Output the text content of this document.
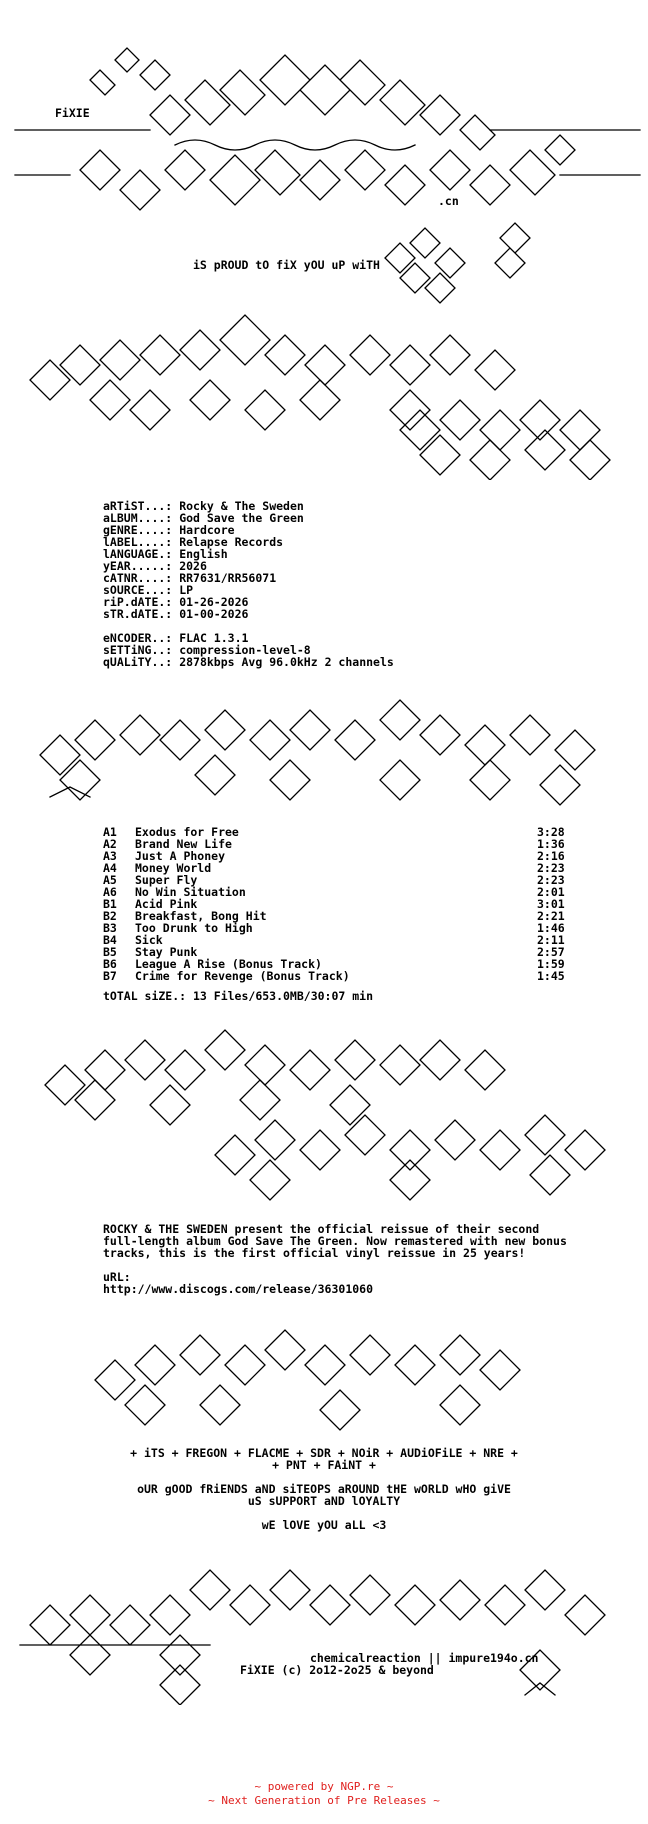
FiXIE
.cn
iS pROUD tO fiX yOU uP wiTH
aRTiST...: Rocky & The Sweden
aLBUM....: God Save the Green
gENRE....: Hardcore
lABEL....: Relapse Records
lANGUAGE.: English
yEAR.....: 2026
cATNR....: RR7631/RR56071
sOURCE...: LP
riP.dATE.: 01-26-2026
sTR.dATE.: 01-00-2026
eNCODER..: FLAC 1.3.1
sETTiNG..: compression-level-8
qUALiTY..: 2878kbps Avg 96.0kHz 2 channels
A1	Exodus for Free	3:28
A2	Brand New Life	1:36
A3	Just A Phoney	2:16
A4	Money World	2:23
A5	Super Fly	2:23
A6	No Win Situation	2:01
B1	Acid Pink	3:01
B2	Breakfast, Bong Hit	2:21
B3	Too Drunk to High	1:46
B4	Sick	2:11
B5	Stay Punk	2:57
B6	League A Rise (Bonus Track)	1:59
B7	Crime for Revenge (Bonus Track)	1:45
tOTAL siZE.: 13 Files/653.0MB/30:07 min
ROCKY & THE SWEDEN present the official reissue of their second
full-length album God Save The Green. Now remastered with new bonus
tracks, this is the first official vinyl reissue in 25 years!
uRL:
http://www.discogs.com/release/36301060
+ iTS + FREGON + FLACME + SDR + NOiR + AUDiOFiLE + NRE +
+ PNT + FAiNT +
oUR gOOD fRiENDS aND siTEOPS aROUND tHE wORLD wHO giVE
uS sUPPORT aND lOYALTY
wE lOVE yOU aLL <3
chemicalreaction || impure194o.cn
FiXIE (c) 2o12-2o25 & beyond
~ powered by NGP.re ~
~ Next Generation of Pre Releases ~
